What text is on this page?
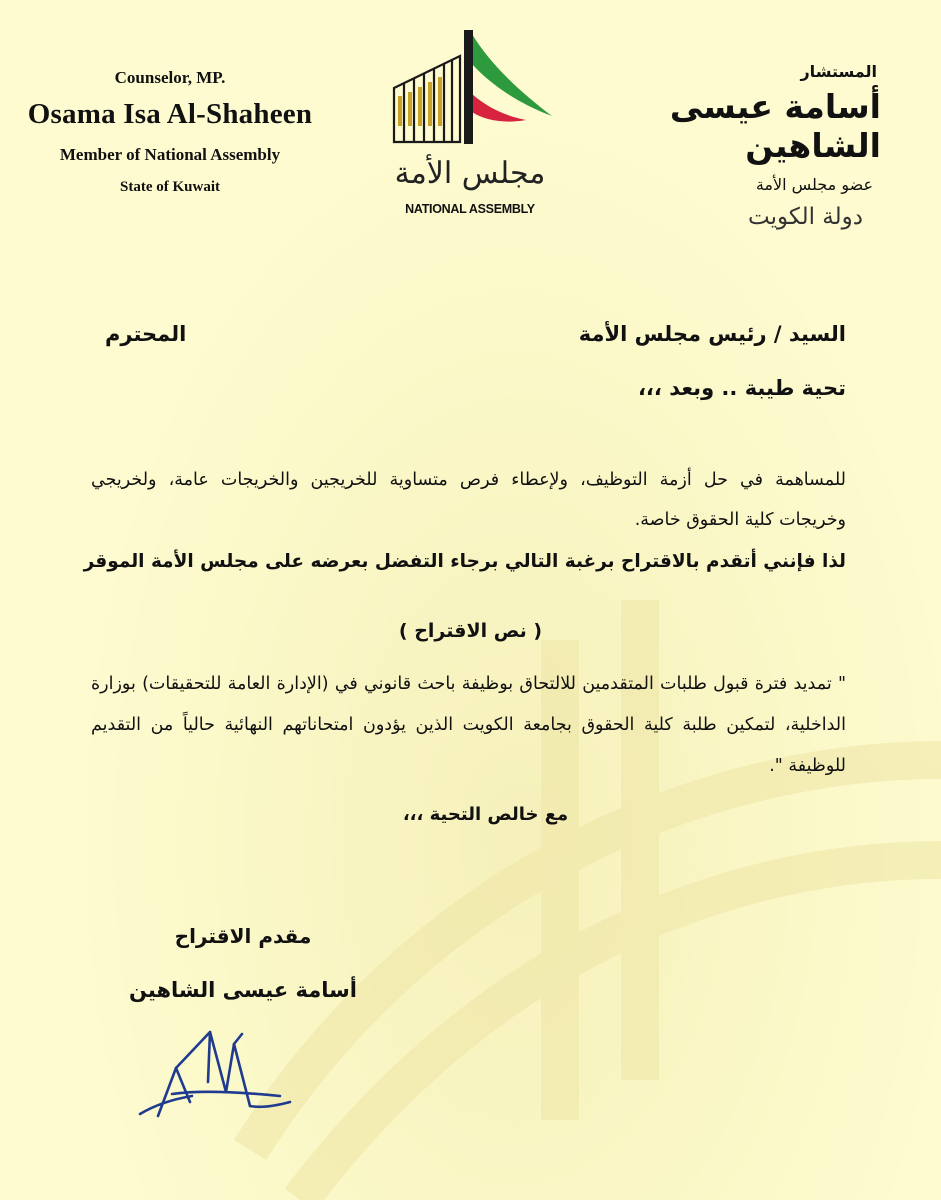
Counselor, MP.

Osama Isa Al-Shaheen

Member of National Assembly

State of Kuwait	مجلس الأمة
NATIONAL ASSEMBLY

المستشار

أسامة عيسى الشاهين

عضو مجلس الأمة

دولة الكويت

السيد / رئيس مجلس الأمة
المحترم
تحية طيبة .. وبعد ،،،
للمساهمة في حل أزمة التوظيف، ولإعطاء فرص متساوية للخريجين والخريجات عامة، ولخريجي وخريجات كلية الحقوق خاصة.
لذا فإنني أتقدم بالاقتراح برغبة التالي برجاء التفضل بعرضه على مجلس الأمة الموقر
( نص الاقتراح )
" تمديد فترة قبول طلبات المتقدمين للالتحاق بوظيفة باحث قانوني في (الإدارة العامة للتحقيقات) بوزارة الداخلية، لتمكين طلبة كلية الحقوق بجامعة الكويت الذين يؤدون امتحاناتهم النهائية حالياً من التقديم للوظيفة ".
مع خالص التحية ،،،
مقدم الاقتراح
أسامة عيسى الشاهين
